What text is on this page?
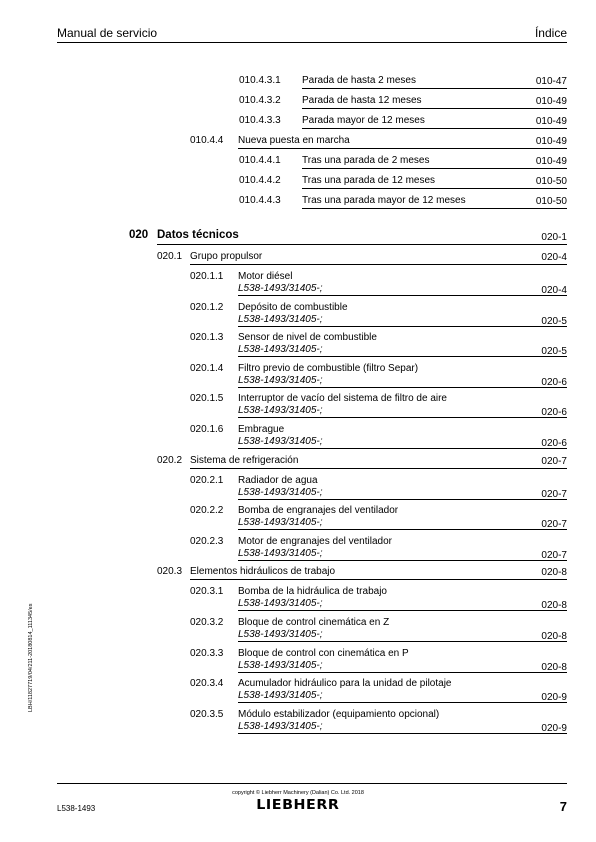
Manual de servicio	Índice
010.4.3.1 Parada de hasta 2 meses	010-47
010.4.3.2 Parada de hasta 12 meses	010-49
010.4.3.3 Parada mayor de 12 meses	010-49
010.4.4 Nueva puesta en marcha	010-49
010.4.4.1 Tras una parada de 2 meses	010-49
010.4.4.2 Tras una parada de 12 meses	010-50
010.4.4.3 Tras una parada mayor de 12 meses	010-50
020 Datos técnicos	020-1
020.1 Grupo propulsor	020-4
020.1.1 Motor diésel
L538-1493/31405-;	020-4
020.1.2 Depósito de combustible
L538-1493/31405-;	020-5
020.1.3 Sensor de nivel de combustible
L538-1493/31405-;	020-5
020.1.4 Filtro previo de combustible (filtro Separ)
L538-1493/31405-;	020-6
020.1.5 Interruptor de vacío del sistema de filtro de aire
L538-1493/31405-;	020-6
020.1.6 Embrague
L538-1493/31405-;	020-6
020.2 Sistema de refrigeración	020-7
020.2.1 Radiador de agua
L538-1493/31405-;	020-7
020.2.2 Bomba de engranajes del ventilador
L538-1493/31405-;	020-7
020.2.3 Motor de engranajes del ventilador
L538-1493/31405-;	020-7
020.3 Elementos hidráulicos de trabajo	020-8
020.3.1 Bomba de la hidráulica de trabajo
L538-1493/31405-;	020-8
020.3.2 Bloque de control cinemática en Z
L538-1493/31405-;	020-8
020.3.3 Bloque de control con cinemática en P
L538-1493/31405-;	020-8
020.3.4 Acumulador hidráulico para la unidad de pilotaje
L538-1493/31405-;	020-9
020.3.5 Módulo estabilizador (equipamiento opcional)
L538-1493/31405-;	020-9
LBH/11827719/04/211-20180814_111345/es
copyright © Liebherr Machinery (Dalian) Co. Ltd. 2018
L538-1493	LIEBHERR	7
